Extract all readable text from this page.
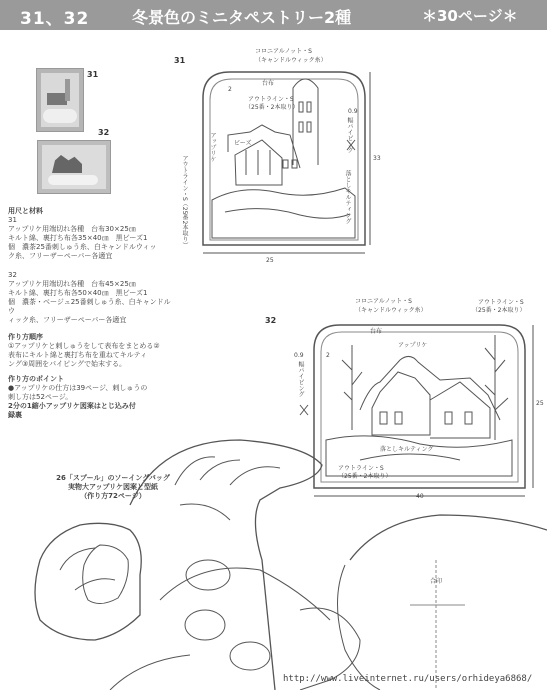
31、32	冬景色のミニタペストリー2種	＊30ページ＊
31
32
用尺と材料
31
アップリケ用端切れ各種　台布30×25㎝
キルト綿、裏打ち布各35×40㎝　黒ビーズ1
個　濃茶25番刺しゅう糸、白キャンドルウィッ
ク糸、フリーザーペーパー各適宜
32
アップリケ用端切れ各種　台布45×25㎝
キルト綿、裏打ち布各50×40㎝　黒ビーズ1
個　濃茶・ベージュ25番刺しゅう糸、白キャンドルウ
ィック糸、フリーザーペーパー各適宜
作り方順序
①アップリケと刺しゅうをして表布をまとめる②
表布にキルト綿と裏打ち布を重ねてキルティ
ング③周囲をパイピングで始末する。
作り方のポイント
●アップリケの仕方は39ページ、刺しゅうの
刺し方は52ページ。
2分の1縮小アップリケ図案はとじ込み付
録裏
31
コロニアルノット・S
（キャンドルウィック糸）
台布
2
アウトライン・S
（25番・2本取り）
アップリケ	ビーズ
0.9
幅パイピング
アウトライン・S（25番2本取り）	落としキルティング
33
25
32
コロニアルノット・S
（キャンドルウィック糸）
台布
アップリケ
アウトライン・S
（25番・2本取り）
0.9
幅パイピング
2
落としキルティング
アウトライン・S
（25番・2本取り）
25
40
26「スプール」のソーイングバッグ
実物大アップリケ図案と型紙
（作り方72ページ）
合印
http://www.liveinternet.ru/users/orhideya6868/
